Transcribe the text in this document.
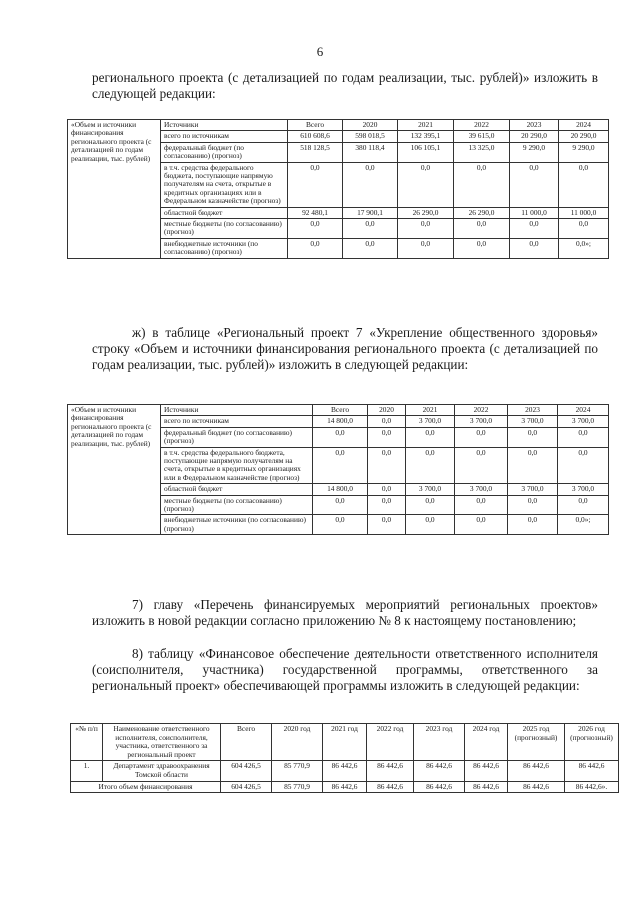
6
регионального проекта (с детализацией по годам реализации, тыс. рублей)» изложить в следующей редакции:
«Объем и источники финансирования регионального проекта (с детализацией по годам реализации, тыс. рублей)	Источники	Всего	2020	2021	2022	2023	2024
	всего по источникам	610 608,6	598 018,5	132 395,1	39 615,0	20 290,0	20 290,0
	федеральный бюджет (по согласованию) (прогноз)	518 128,5	380 118,4	106 105,1	13 325,0	9 290,0	9 290,0
	в т.ч. средства федерального бюджета, поступающие напрямую получателям на счета, открытые в кредитных организациях или в Федеральном казначействе (прогноз)	0,0	0,0	0,0	0,0	0,0	0,0
	областной бюджет	92 480,1	17 900,1	26 290,0	26 290,0	11 000,0	11 000,0
	местные бюджеты (по согласованию) (прогноз)	0,0	0,0	0,0	0,0	0,0	0,0
	внебюджетные источники (по согласованию) (прогноз)	0,0	0,0	0,0	0,0	0,0	0,0»;
ж) в таблице «Региональный проект 7 «Укрепление общественного здоровья» строку «Объем и источники финансирования регионального проекта (с детализацией по годам реализации, тыс. рублей)» изложить в следующей редакции:
«Объем и источники финансирования регионального проекта (с детализацией по годам реализации, тыс. рублей)	Источники	Всего	2020	2021	2022	2023	2024
	всего по источникам	14 800,0	0,0	3 700,0	3 700,0	3 700,0	3 700,0
	федеральный бюджет (по согласованию) (прогноз)	0,0	0,0	0,0	0,0	0,0	0,0
	в т.ч. средства федерального бюджета, поступающие напрямую получателям на счета, открытые в кредитных организациях или в Федеральном казначействе (прогноз)	0,0	0,0	0,0	0,0	0,0	0,0
	областной бюджет	14 800,0	0,0	3 700,0	3 700,0	3 700,0	3 700,0
	местные бюджеты (по согласованию) (прогноз)	0,0	0,0	0,0	0,0	0,0	0,0
	внебюджетные источники (по согласованию) (прогноз)	0,0	0,0	0,0	0,0	0,0	0,0»;
7) главу «Перечень финансируемых мероприятий региональных проектов» изложить в новой редакции согласно приложению № 8 к настоящему постановлению;
8) таблицу «Финансовое обеспечение деятельности ответственного исполнителя (соисполнителя, участника) государственной программы, ответственного за региональный проект» обеспечивающей программы изложить в следующей редакции:
«№ п/п	Наименование ответственного исполнителя, соисполнителя, участника, ответственного за региональный проект	Всего	2020 год	2021 год	2022 год	2023 год	2024 год	2025 год (прогнозный)	2026 год (прогнозный)
1.	Департамент здравоохранения Томской области	604 426,5	85 770,9	86 442,6	86 442,6	86 442,6	86 442,6	86 442,6	86 442,6
Итого объем финансирования		604 426,5	85 770,9	86 442,6	86 442,6	86 442,6	86 442,6	86 442,6	86 442,6».
